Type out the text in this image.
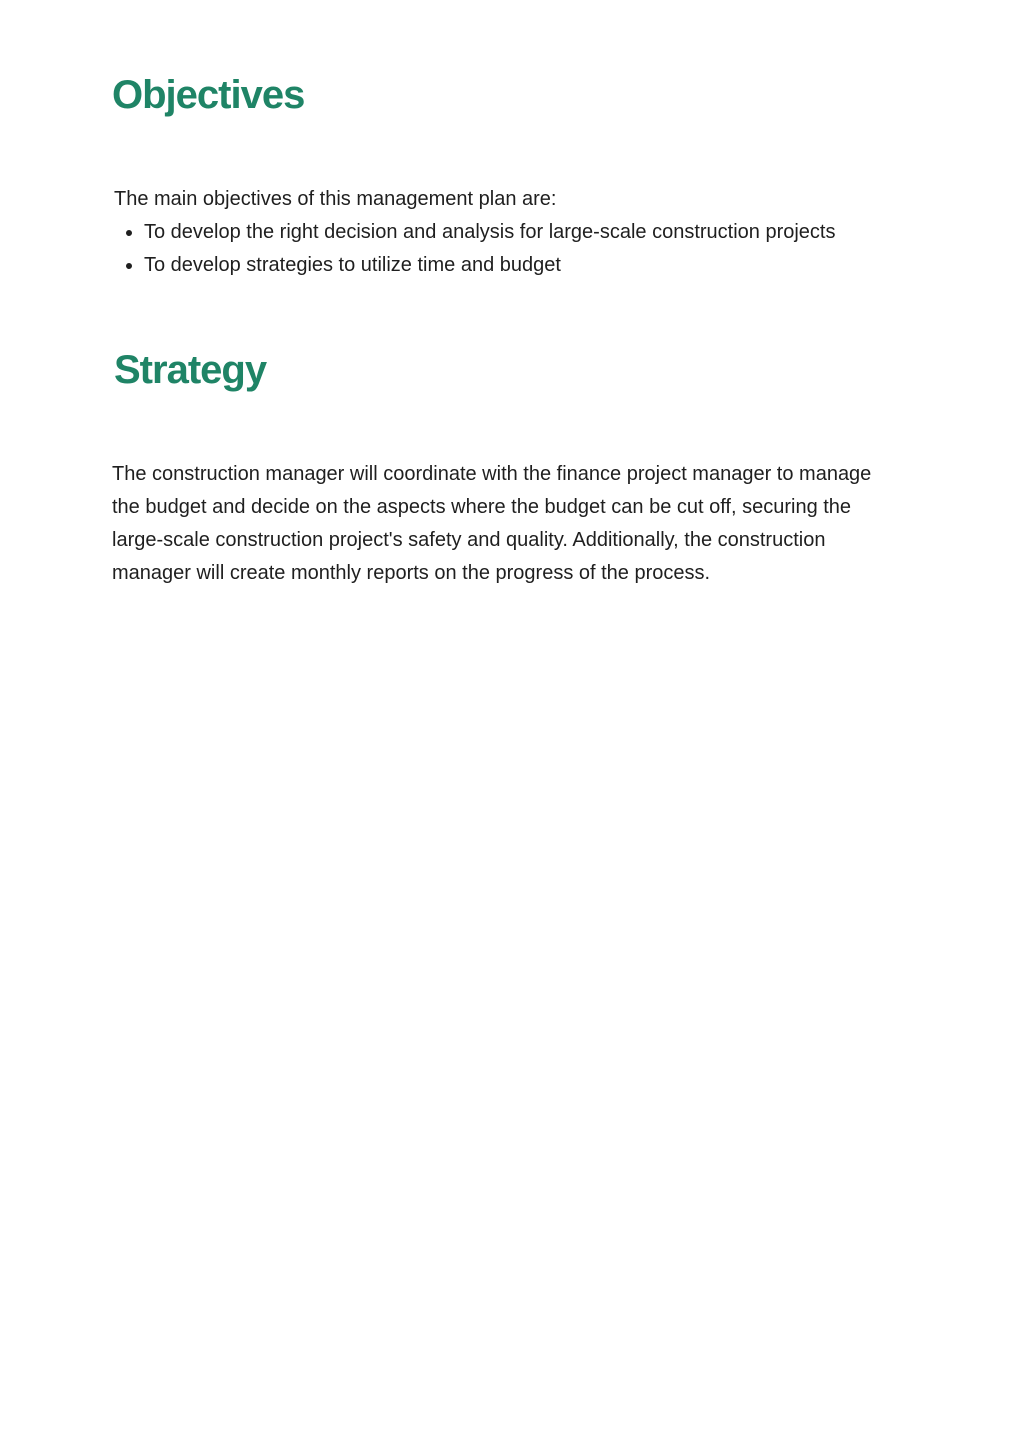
Objectives

The main objectives of this management plan are:

To develop the right decision and analysis for large-scale construction projects
To develop strategies to utilize time and budget
Strategy

The construction manager will coordinate with the finance project manager to manage the budget and decide on the aspects where the budget can be cut off, securing the large-scale construction project's safety and quality. Additionally, the construction manager will create monthly reports on the progress of the process.
